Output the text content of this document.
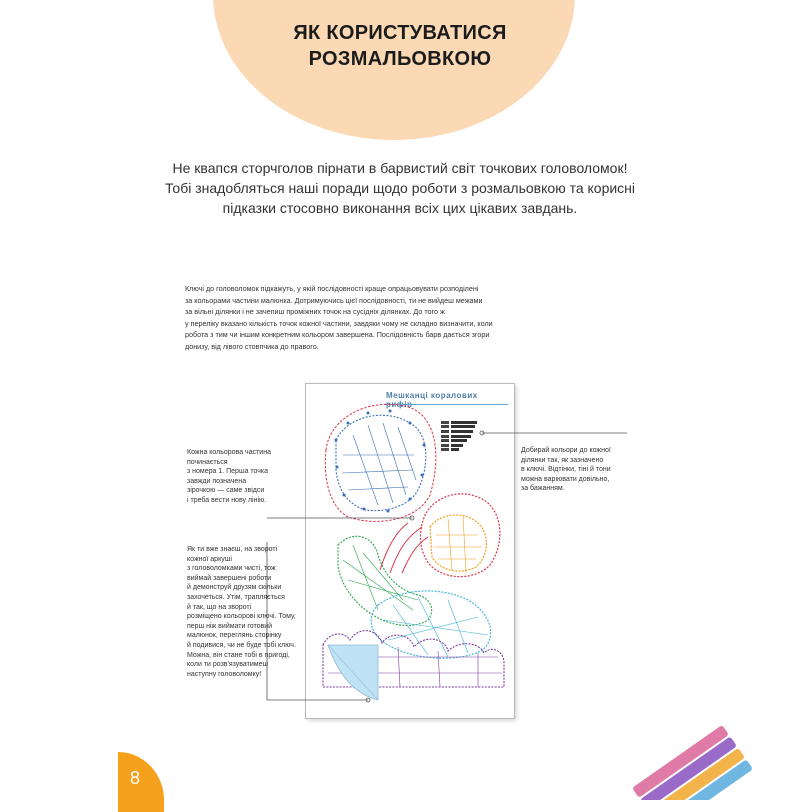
ЯК КОРИСТУВАТИСЯ
РОЗМАЛЬОВКОЮ
Не квапся сторчголов пірнати в барвистий світ точкових головоломок!
Тобі знадобляться наші поради щодо роботи з розмальовкою та корисні
підказки стосовно виконання всіх цих цікавих завдань.
Ключі до головоломок підкажуть, у якій послідовності краще опрацьовувати розподілені
за кольорами частини малюнка. Дотримуючись цієї послідовності, ти не вийдеш межами
за вільні ділянки і не зачепиш проміжних точок на сусідніх ділянках. До того ж
у переліку вказано кількість точок кожної частини, завдяки чому не складно визначити, коли
робота з тим чи іншим конкретним кольором завершена. Послідовність барв дається згори
донизу, від лівого стовпчика до правого.
Мешканці коралових
Кожна кольорова частина
починається
з номера 1. Перша точка
завжди позначена
зірочкою — саме звідси
і треба вести нову лінію.
Добирай кольори до кожної
ділянки так, як зазначено
в ключі. Відтінки, тіні й тони
можна варіювати довільно,
за бажанням.
Як ти вже знаєш, на звороті
кожної аркуші
з головоломками чисті, тож
виймай завершені роботи
й демонструй друзям скільки
захочеться. Утім, трапляється
й так, що на звороті
розміщено кольорові ключі. Тому,
перш ніж виймати готовий
малюнок, переглянь сторінку
й подивися, чи не буде тобі ключ.
Можна, він стане тобі в пригоді,
коли ти розв'язуватимеш
наступну головоломку!
8
